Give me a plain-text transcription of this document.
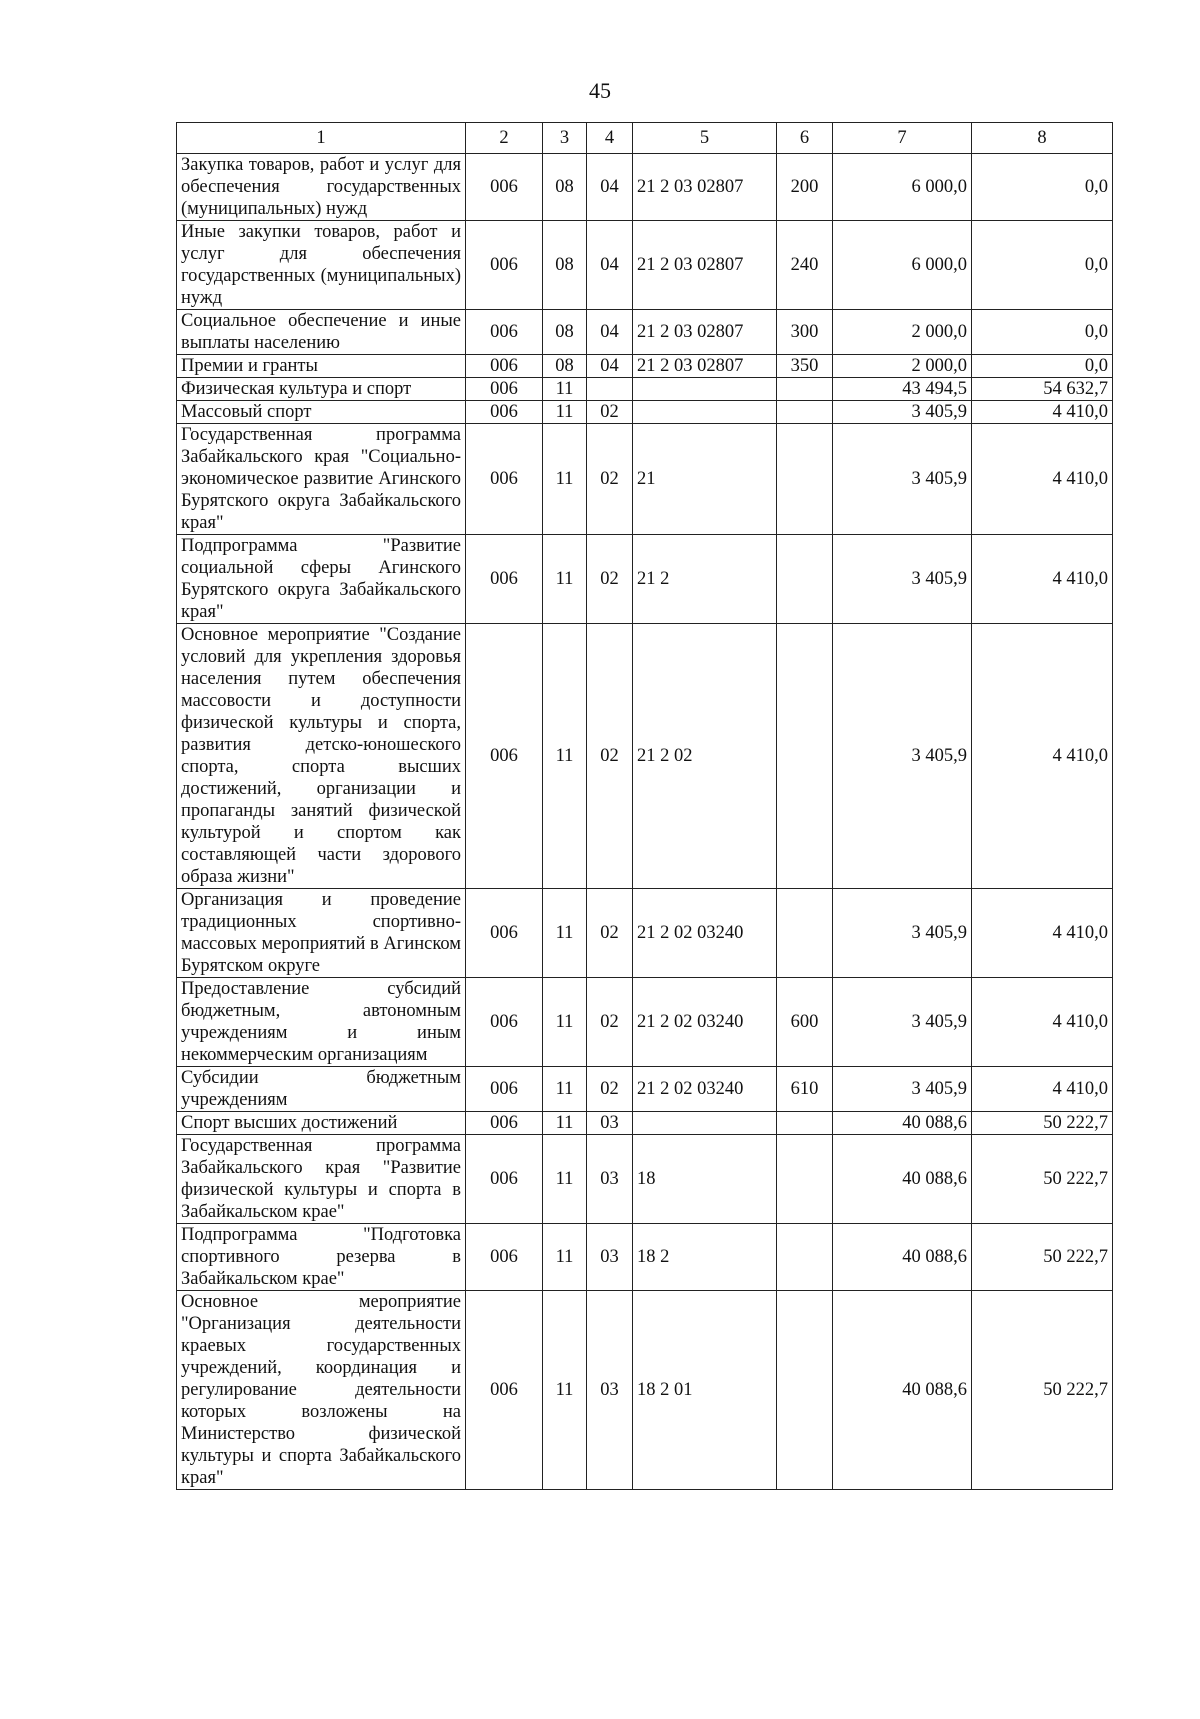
45
1	2	3	4	5	6	7	8
Закупка товаров, работ и услуг для обеспечения государственных (муниципальных) нужд	006	08	04	21 2 03 02807	200	6 000,0	0,0
Иные закупки товаров, работ и услуг для обеспечения государственных (муниципальных) нужд	006	08	04	21 2 03 02807	240	6 000,0	0,0
Социальное обеспечение и иные выплаты населению	006	08	04	21 2 03 02807	300	2 000,0	0,0
Премии и гранты	006	08	04	21 2 03 02807	350	2 000,0	0,0
Физическая культура и спорт	006	11				43 494,5	54 632,7
Массовый спорт	006	11	02			3 405,9	4 410,0
Государственная программа Забайкальского края "Социально-экономическое развитие Агинского Бурятского округа Забайкальского края"	006	11	02	21		3 405,9	4 410,0
Подпрограмма "Развитие социальной сферы Агинского Бурятского округа Забайкальского края"	006	11	02	21 2		3 405,9	4 410,0
Основное мероприятие "Создание условий для укрепления здоровья населения путем обеспечения массовости и доступности физической культуры и спорта, развития детско-юношеского спорта, спорта высших достижений, организации и пропаганды занятий физической культурой и спортом как составляющей части здорового образа жизни"	006	11	02	21 2 02		3 405,9	4 410,0
Организация и проведение традиционных спортивно-массовых мероприятий в Агинском Бурятском округе	006	11	02	21 2 02 03240		3 405,9	4 410,0
Предоставление субсидий бюджетным, автономным учреждениям и иным некоммерческим организациям	006	11	02	21 2 02 03240	600	3 405,9	4 410,0
Субсидии бюджетным учреждениям	006	11	02	21 2 02 03240	610	3 405,9	4 410,0
Спорт высших достижений	006	11	03			40 088,6	50 222,7
Государственная программа Забайкальского края "Развитие физической культуры и спорта в Забайкальском крае"	006	11	03	18		40 088,6	50 222,7
Подпрограмма "Подготовка спортивного резерва в Забайкальском крае"	006	11	03	18 2		40 088,6	50 222,7
Основное мероприятие "Организация деятельности краевых государственных учреждений, координация и регулирование деятельности которых возложены на Министерство физической культуры и спорта Забайкальского края"	006	11	03	18 2 01		40 088,6	50 222,7
